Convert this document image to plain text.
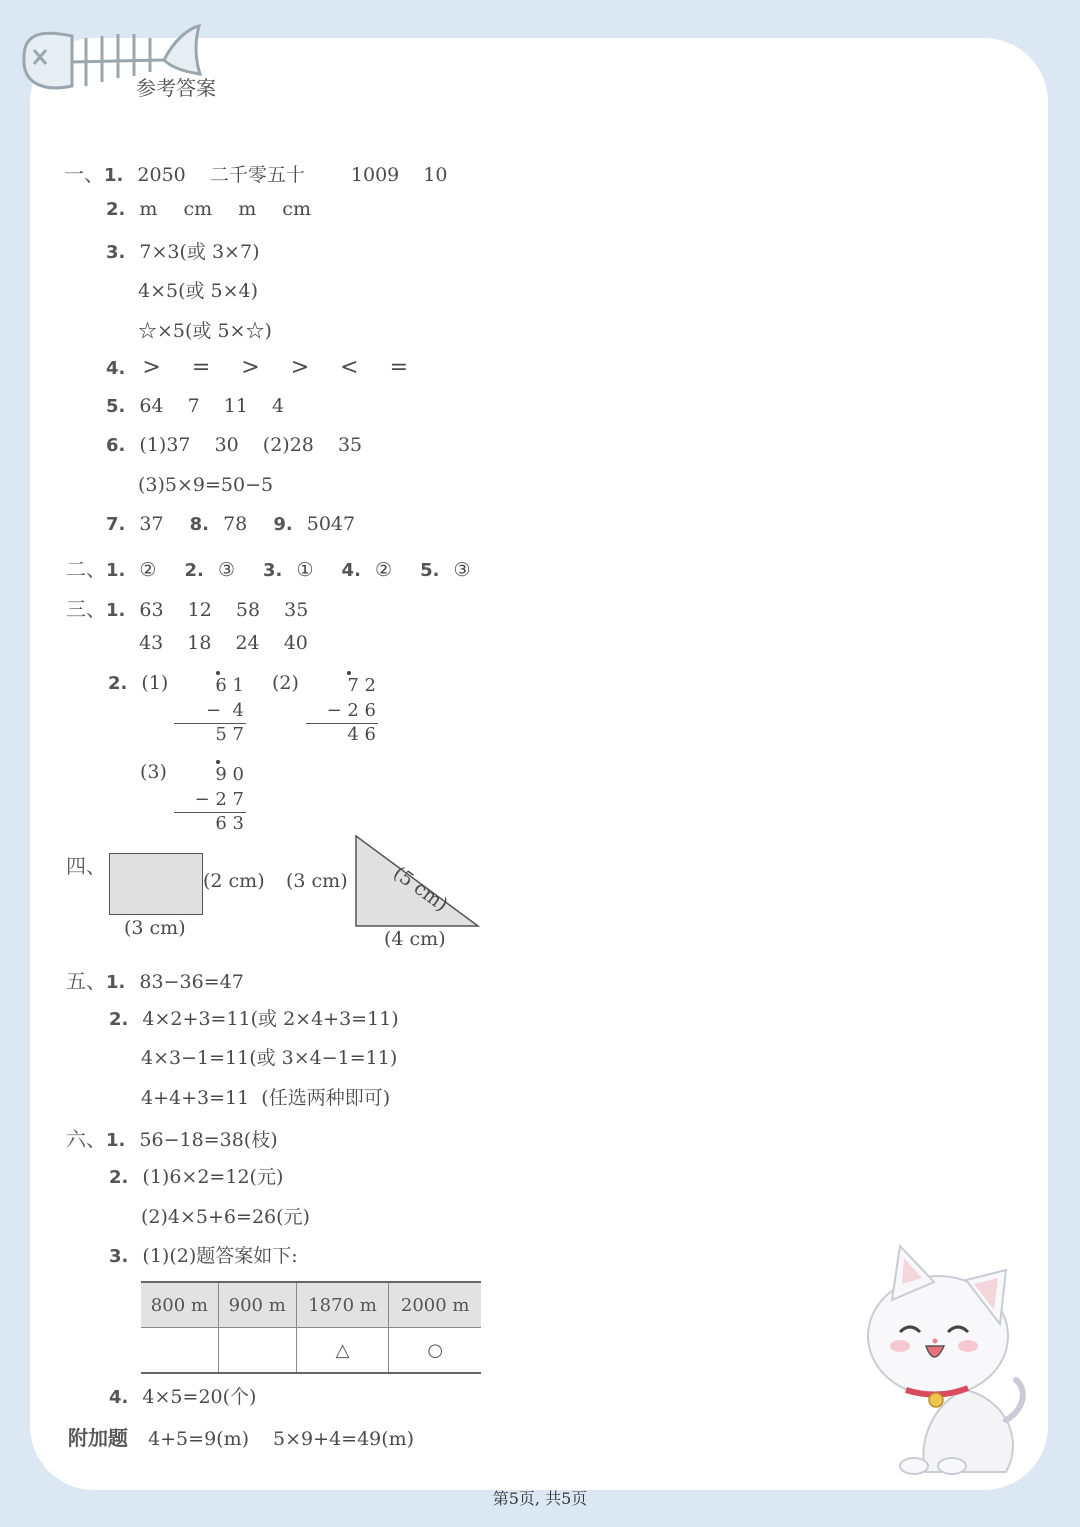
参考答案
一、1. 2050 二千零五十 1009 10
2. m cm m cm
3. 7×3(或 3×7)
4×5(或 5×4)
☆×5(或 5×☆)
4. > = > > < =
5. 64 7 11 4
6. (1)37 30 (2)28 35
(3)5×9=50−5
7. 37 8. 78 9. 5047
二、1. ② 2. ③ 3. ① 4. ② 5. ③
三、1. 63 12 58 35
43 18 24 40
2. (1)	6 1
−  4
5 7
(2)	7 2
− 2 6
4 6
(3)	9 0
− 2 7
6 3
四、
(2 cm)
(3 cm)
(3 cm) (5 cm)
(4 cm)
五、1. 83−36=47
2. 4×2+3=11(或 2×4+3=11)
4×3−1=11(或 3×4−1=11)
4+4+3=11  (任选两种即可)
六、1. 56−18=38(枝)
2. (1)6×2=12(元)
(2)4×5+6=26(元)
3. (1)(2)题答案如下:
800 m	900 m	1870 m	2000 m
		△	○
4. 4×5=20(个)
附加题 4+5=9(m) 5×9+4=49(m)
第5页, 共5页
